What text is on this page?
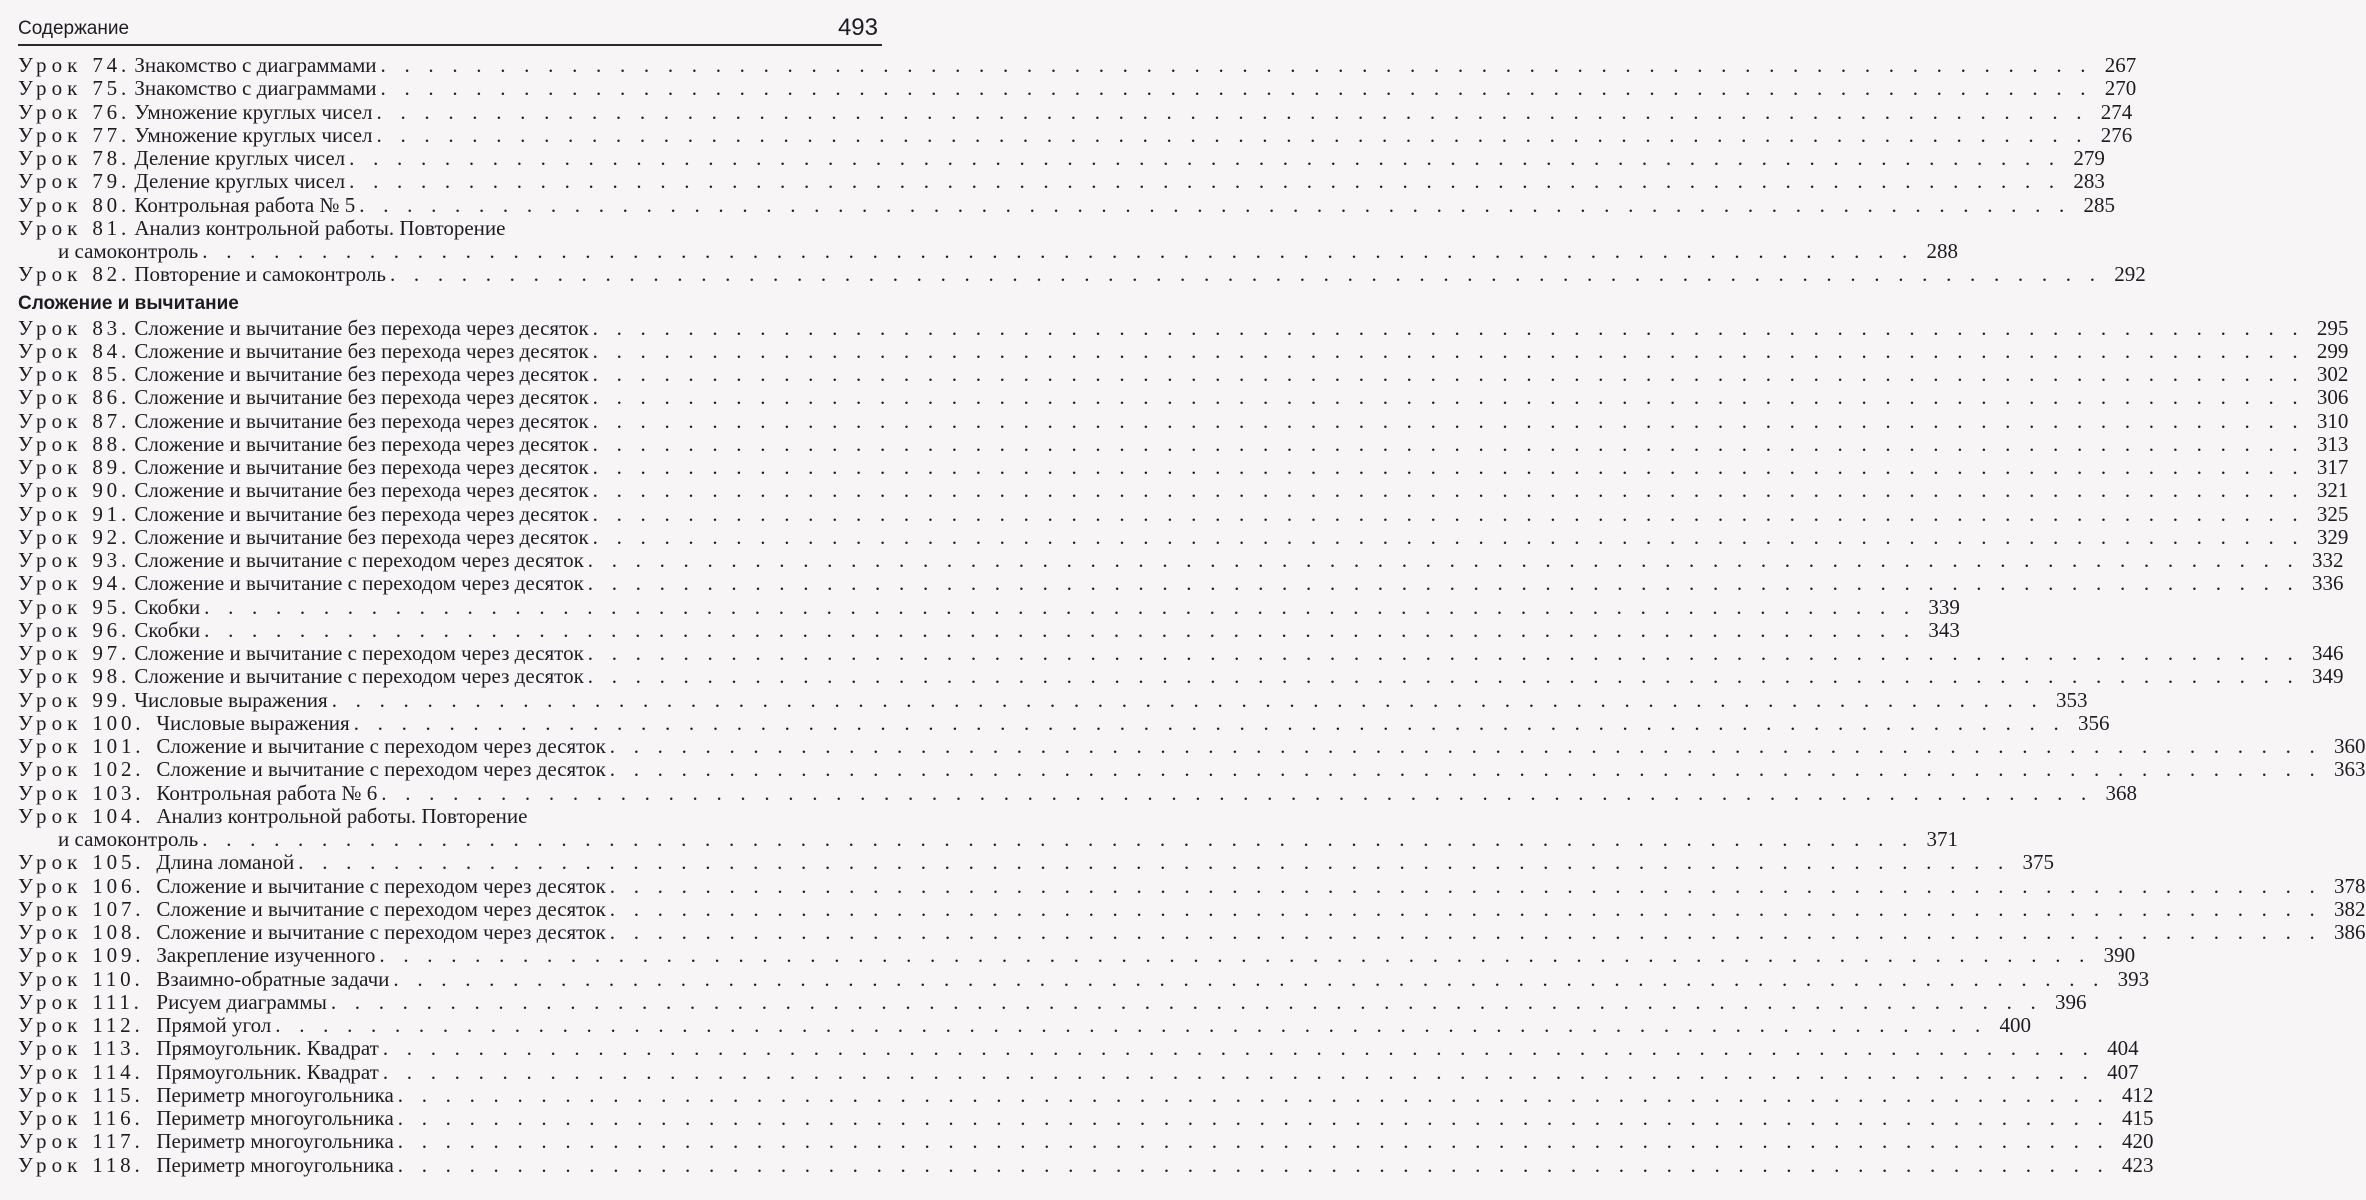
Содержание	493
Урок 74. Знакомство с диаграммами . . . . . . . . . . . . . . . . . . . . . . . . . . . . . . . . . . . . . . . . . . . . . . . . . . . . . . . . . . . . . . . . . . . . . . . . 267
Урок 75. Знакомство с диаграммами . . . . . . . . . . . . . . . . . . . . . . . . . . . . . . . . . . . . . . . . . . . . . . . . . . . . . . . . . . . . . . . . . . . . . . . . 270
Урок 76. Умножение круглых чисел . . . . . . . . . . . . . . . . . . . . . . . . . . . . . . . . . . . . . . . . . . . . . . . . . . . . . . . . . . . . . . . . . . . . . . . . 274
Урок 77. Умножение круглых чисел . . . . . . . . . . . . . . . . . . . . . . . . . . . . . . . . . . . . . . . . . . . . . . . . . . . . . . . . . . . . . . . . . . . . . . . . 276
Урок 78. Деление круглых чисел . . . . . . . . . . . . . . . . . . . . . . . . . . . . . . . . . . . . . . . . . . . . . . . . . . . . . . . . . . . . . . . . . . . . . . . . 279
Урок 79. Деление круглых чисел . . . . . . . . . . . . . . . . . . . . . . . . . . . . . . . . . . . . . . . . . . . . . . . . . . . . . . . . . . . . . . . . . . . . . . . . 283
Урок 80. Контрольная работа № 5 . . . . . . . . . . . . . . . . . . . . . . . . . . . . . . . . . . . . . . . . . . . . . . . . . . . . . . . . . . . . . . . . . . . . . . . . 285
Урок 81. Анализ контрольной работы. Повторение
и самоконтроль . . . . . . . . . . . . . . . . . . . . . . . . . . . . . . . . . . . . . . . . . . . . . . . . . . . . . . . . . . . . . . . . . . . . . . . . 288
Урок 82. Повторение и самоконтроль . . . . . . . . . . . . . . . . . . . . . . . . . . . . . . . . . . . . . . . . . . . . . . . . . . . . . . . . . . . . . . . . . . . . . . . . 292
Сложение и вычитание
Урок 83. Сложение и вычитание без перехода через десяток . . . . . . . . . . . . . . . . . . . . . . . . . . . . . . . . . . . . . . . . . . . . . . . . . . . . . . . . . . . . . . . . . . . . . . . . 295
Урок 84. Сложение и вычитание без перехода через десяток . . . . . . . . . . . . . . . . . . . . . . . . . . . . . . . . . . . . . . . . . . . . . . . . . . . . . . . . . . . . . . . . . . . . . . . . 299
Урок 85. Сложение и вычитание без перехода через десяток . . . . . . . . . . . . . . . . . . . . . . . . . . . . . . . . . . . . . . . . . . . . . . . . . . . . . . . . . . . . . . . . . . . . . . . . 302
Урок 86. Сложение и вычитание без перехода через десяток . . . . . . . . . . . . . . . . . . . . . . . . . . . . . . . . . . . . . . . . . . . . . . . . . . . . . . . . . . . . . . . . . . . . . . . . 306
Урок 87. Сложение и вычитание без перехода через десяток . . . . . . . . . . . . . . . . . . . . . . . . . . . . . . . . . . . . . . . . . . . . . . . . . . . . . . . . . . . . . . . . . . . . . . . . 310
Урок 88. Сложение и вычитание без перехода через десяток . . . . . . . . . . . . . . . . . . . . . . . . . . . . . . . . . . . . . . . . . . . . . . . . . . . . . . . . . . . . . . . . . . . . . . . . 313
Урок 89. Сложение и вычитание без перехода через десяток . . . . . . . . . . . . . . . . . . . . . . . . . . . . . . . . . . . . . . . . . . . . . . . . . . . . . . . . . . . . . . . . . . . . . . . . 317
Урок 90. Сложение и вычитание без перехода через десяток . . . . . . . . . . . . . . . . . . . . . . . . . . . . . . . . . . . . . . . . . . . . . . . . . . . . . . . . . . . . . . . . . . . . . . . . 321
Урок 91. Сложение и вычитание без перехода через десяток . . . . . . . . . . . . . . . . . . . . . . . . . . . . . . . . . . . . . . . . . . . . . . . . . . . . . . . . . . . . . . . . . . . . . . . . 325
Урок 92. Сложение и вычитание без перехода через десяток . . . . . . . . . . . . . . . . . . . . . . . . . . . . . . . . . . . . . . . . . . . . . . . . . . . . . . . . . . . . . . . . . . . . . . . . 329
Урок 93. Сложение и вычитание с переходом через десяток . . . . . . . . . . . . . . . . . . . . . . . . . . . . . . . . . . . . . . . . . . . . . . . . . . . . . . . . . . . . . . . . . . . . . . . . 332
Урок 94. Сложение и вычитание с переходом через десяток . . . . . . . . . . . . . . . . . . . . . . . . . . . . . . . . . . . . . . . . . . . . . . . . . . . . . . . . . . . . . . . . . . . . . . . . 336
Урок 95. Скобки . . . . . . . . . . . . . . . . . . . . . . . . . . . . . . . . . . . . . . . . . . . . . . . . . . . . . . . . . . . . . . . . . . . . . . . . 339
Урок 96. Скобки . . . . . . . . . . . . . . . . . . . . . . . . . . . . . . . . . . . . . . . . . . . . . . . . . . . . . . . . . . . . . . . . . . . . . . . . 343
Урок 97. Сложение и вычитание с переходом через десяток . . . . . . . . . . . . . . . . . . . . . . . . . . . . . . . . . . . . . . . . . . . . . . . . . . . . . . . . . . . . . . . . . . . . . . . . 346
Урок 98. Сложение и вычитание с переходом через десяток . . . . . . . . . . . . . . . . . . . . . . . . . . . . . . . . . . . . . . . . . . . . . . . . . . . . . . . . . . . . . . . . . . . . . . . . 349
Урок 99. Числовые выражения . . . . . . . . . . . . . . . . . . . . . . . . . . . . . . . . . . . . . . . . . . . . . . . . . . . . . . . . . . . . . . . . . . . . . . . . 353
Урок 100. Числовые выражения . . . . . . . . . . . . . . . . . . . . . . . . . . . . . . . . . . . . . . . . . . . . . . . . . . . . . . . . . . . . . . . . . . . . . . . . 356
Урок 101. Сложение и вычитание с переходом через десяток . . . . . . . . . . . . . . . . . . . . . . . . . . . . . . . . . . . . . . . . . . . . . . . . . . . . . . . . . . . . . . . . . . . . . . . . 360
Урок 102. Сложение и вычитание с переходом через десяток . . . . . . . . . . . . . . . . . . . . . . . . . . . . . . . . . . . . . . . . . . . . . . . . . . . . . . . . . . . . . . . . . . . . . . . . 363
Урок 103. Контрольная работа № 6 . . . . . . . . . . . . . . . . . . . . . . . . . . . . . . . . . . . . . . . . . . . . . . . . . . . . . . . . . . . . . . . . . . . . . . . . 368
Урок 104. Анализ контрольной работы. Повторение
и самоконтроль . . . . . . . . . . . . . . . . . . . . . . . . . . . . . . . . . . . . . . . . . . . . . . . . . . . . . . . . . . . . . . . . . . . . . . . . 371
Урок 105. Длина ломаной . . . . . . . . . . . . . . . . . . . . . . . . . . . . . . . . . . . . . . . . . . . . . . . . . . . . . . . . . . . . . . . . . . . . . . . . 375
Урок 106. Сложение и вычитание с переходом через десяток . . . . . . . . . . . . . . . . . . . . . . . . . . . . . . . . . . . . . . . . . . . . . . . . . . . . . . . . . . . . . . . . . . . . . . . . 378
Урок 107. Сложение и вычитание с переходом через десяток . . . . . . . . . . . . . . . . . . . . . . . . . . . . . . . . . . . . . . . . . . . . . . . . . . . . . . . . . . . . . . . . . . . . . . . . 382
Урок 108. Сложение и вычитание с переходом через десяток . . . . . . . . . . . . . . . . . . . . . . . . . . . . . . . . . . . . . . . . . . . . . . . . . . . . . . . . . . . . . . . . . . . . . . . . 386
Урок 109. Закрепление изученного . . . . . . . . . . . . . . . . . . . . . . . . . . . . . . . . . . . . . . . . . . . . . . . . . . . . . . . . . . . . . . . . . . . . . . . . 390
Урок 110. Взаимно-обратные задачи . . . . . . . . . . . . . . . . . . . . . . . . . . . . . . . . . . . . . . . . . . . . . . . . . . . . . . . . . . . . . . . . . . . . . . . . 393
Урок 111. Рисуем диаграммы . . . . . . . . . . . . . . . . . . . . . . . . . . . . . . . . . . . . . . . . . . . . . . . . . . . . . . . . . . . . . . . . . . . . . . . . 396
Урок 112. Прямой угол . . . . . . . . . . . . . . . . . . . . . . . . . . . . . . . . . . . . . . . . . . . . . . . . . . . . . . . . . . . . . . . . . . . . . . . . 400
Урок 113. Прямоугольник. Квадрат . . . . . . . . . . . . . . . . . . . . . . . . . . . . . . . . . . . . . . . . . . . . . . . . . . . . . . . . . . . . . . . . . . . . . . . . 404
Урок 114. Прямоугольник. Квадрат . . . . . . . . . . . . . . . . . . . . . . . . . . . . . . . . . . . . . . . . . . . . . . . . . . . . . . . . . . . . . . . . . . . . . . . . 407
Урок 115. Периметр многоугольника . . . . . . . . . . . . . . . . . . . . . . . . . . . . . . . . . . . . . . . . . . . . . . . . . . . . . . . . . . . . . . . . . . . . . . . . 412
Урок 116. Периметр многоугольника . . . . . . . . . . . . . . . . . . . . . . . . . . . . . . . . . . . . . . . . . . . . . . . . . . . . . . . . . . . . . . . . . . . . . . . . 415
Урок 117. Периметр многоугольника . . . . . . . . . . . . . . . . . . . . . . . . . . . . . . . . . . . . . . . . . . . . . . . . . . . . . . . . . . . . . . . . . . . . . . . . 420
Урок 118. Периметр многоугольника . . . . . . . . . . . . . . . . . . . . . . . . . . . . . . . . . . . . . . . . . . . . . . . . . . . . . . . . . . . . . . . . . . . . . . . . 423
